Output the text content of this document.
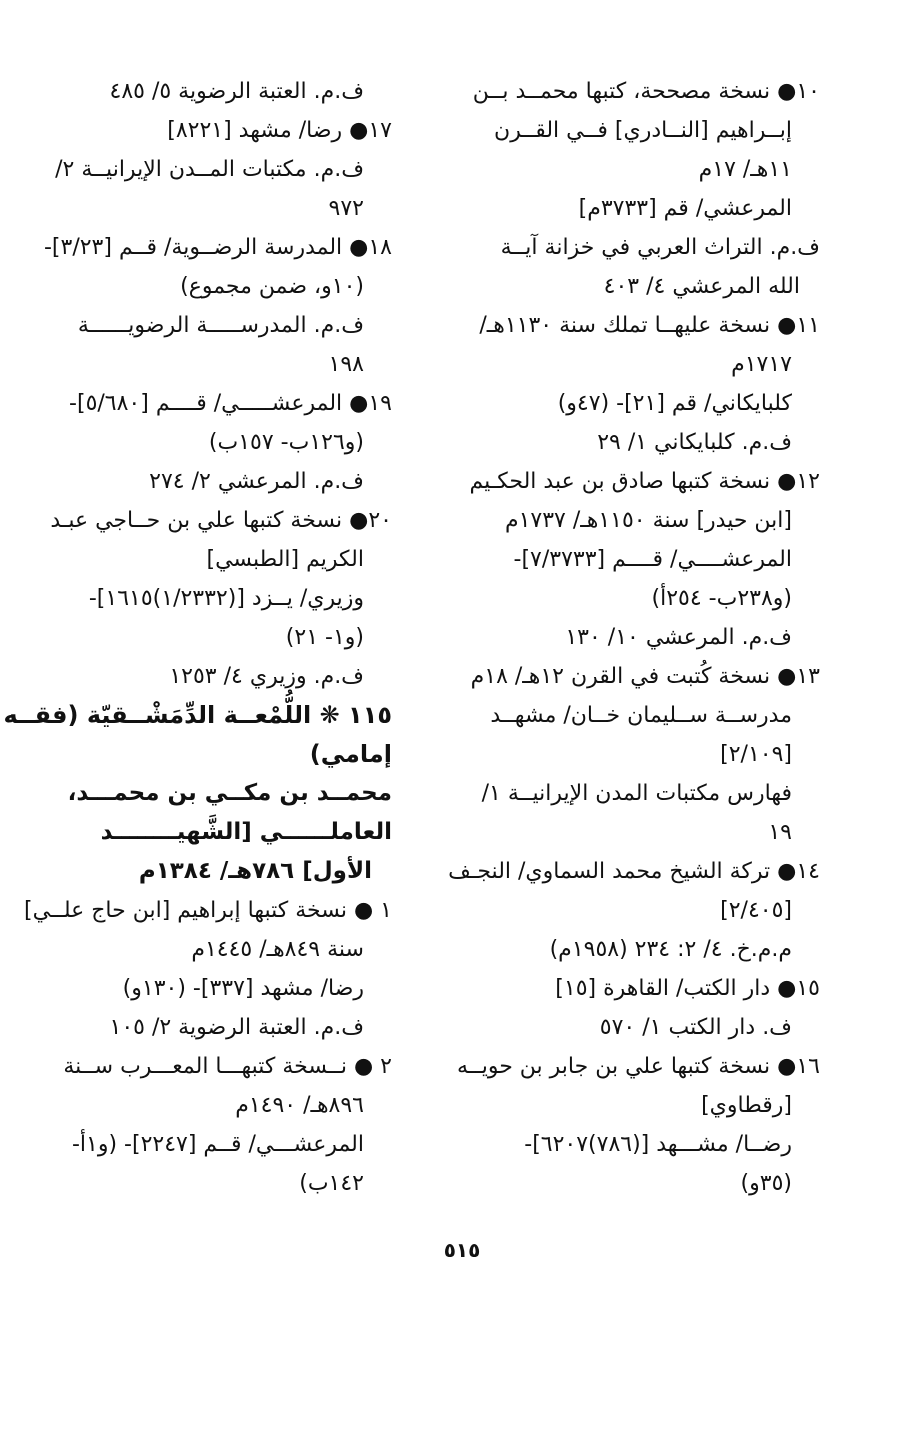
١٠● نسخة مصححة، كتبها محمــد بــن
إبــراهيم [النــادري] فــي القــرن
١١هـ/ ١٧م
المرعشي/ قم [٣٧٣٣م]
ف.م. التراث العربي في خزانة آيــة
الله المرعشي ٤/ ٤٠٣
١١● نسخة عليهــا تملك سنة ١١٣٠هـ/
١٧١٧م
كلبايكاني/ قم [٢١]- (٤٧و)
ف.م. كلبايكاني ١/ ٢٩
١٢● نسخة كتبها صادق بن عبد الحكـيم
[ابن حيدر] سنة ١١٥٠هـ/ ١٧٣٧م
المرعشــــي/ قــــم [٧/٣٧٣٣]-
(و٢٣٨ب- ٢٥٤أ)
ف.م. المرعشي ١٠/ ١٣٠
١٣● نسخة كُتبت في القرن ١٢هـ/ ١٨م
مدرســة ســليمان خــان/ مشهــد
[٢/١٠٩]
فهارس مكتبات المدن الإيرانيــة ١/
١٩
١٤● تركة الشيخ محمد السماوي/ النجـف
[٢/٤٠٥]
م.م.خ. ٤/ ٢: ٢٣٤ (١٩٥٨م)
١٥● دار الكتب/ القاهرة [١٥]
ف. دار الكتب ١/ ٥٧٠
١٦● نسخة كتبها علي بن جابر بن حويــه
[رقطاوي]
رضــا/ مشـــهد [(٧٨٦)٦٢٠٧]-
(٣٥و)
ف.م. العتبة الرضوية ٥/ ٤٨٥
١٧● رضا/ مشهد [٨٢٢١]
ف.م. مكتبات المــدن الإيرانيــة ٢/
٩٧٢
١٨● المدرسة الرضــوية/ قــم [٣/٢٣]-
(١٠و، ضمن مجموع)
ف.م. المدرســـــة الرضويــــــة
١٩٨
١٩● المرعشـــــي/ قــــم [٥/٦٨٠]-
(و١٢٦ب- ١٥٧ب)
ف.م. المرعشي ٢/ ٢٧٤
٢٠● نسخة كتبها علي بن حــاجي عبـد
الكريم [الطبسي]
وزيري/ يــزد [(١/٢٣٣٢)١٦١٥]-
(و١- ٢١)
ف.م. وزيري ٤/ ١٢٥٣
١١٥ ❋ اللُّمْعــة الدِّمَشْــقيّة (فقــه
إمامي)
محمــد بن مكــي بن محمـــد،
العاملــــــي [الشَّهيــــــــد
الأول] ٧٨٦هـ/ ١٣٨٤م
١ ● نسخة كتبها إبراهيم [ابن حاج علــي]
سنة ٨٤٩هـ/ ١٤٤٥م
رضا/ مشهد [٣٣٧]- (١٣٠و)
ف.م. العتبة الرضوية ٢/ ١٠٥
٢ ● نــسخة كتبهـــا المعـــرب ســنة
٨٩٦هـ/ ١٤٩٠م
المرعشـــي/ قــم [٢٢٤٧]- (و١أ-
١٤٢ب)
٥١٥
